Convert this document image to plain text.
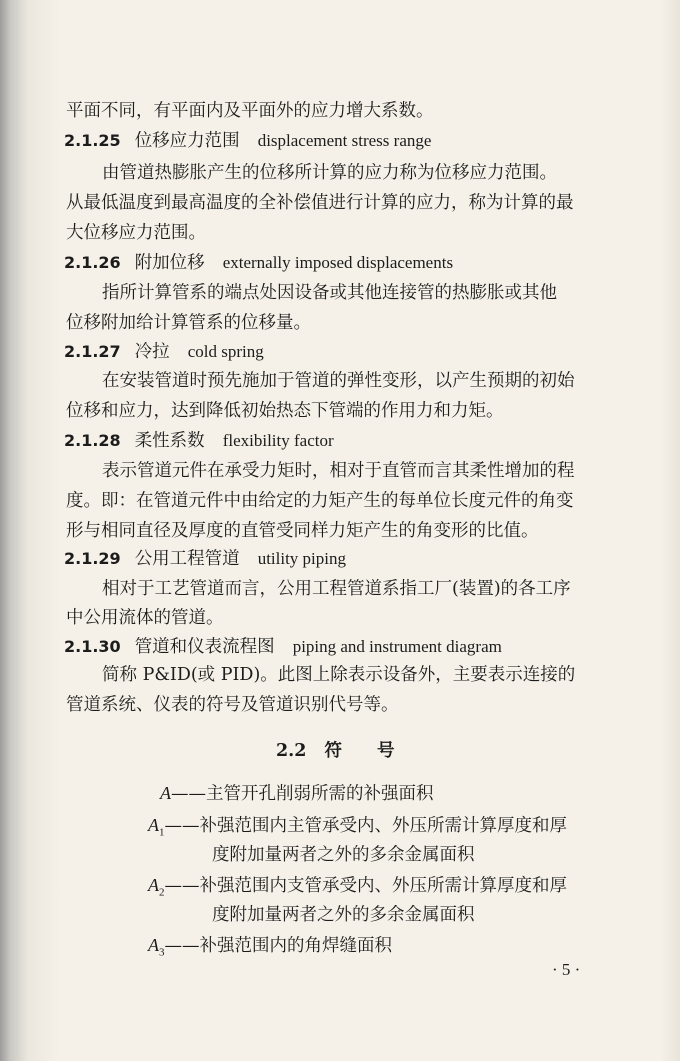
平面不同，有平面内及平面外的应力增大系数。
2.1.25 位移应力范围 displacement stress range
由管道热膨胀产生的位移所计算的应力称为位移应力范围。
从最低温度到最高温度的全补偿值进行计算的应力，称为计算的最
大位移应力范围。
2.1.26 附加位移 externally imposed displacements
指所计算管系的端点处因设备或其他连接管的热膨胀或其他
位移附加给计算管系的位移量。
2.1.27 冷拉 cold spring
在安装管道时预先施加于管道的弹性变形，以产生预期的初始
位移和应力，达到降低初始热态下管端的作用力和力矩。
2.1.28 柔性系数 flexibility factor
表示管道元件在承受力矩时，相对于直管而言其柔性增加的程
度。即：在管道元件中由给定的力矩产生的每单位长度元件的角变
形与相同直径及厚度的直管受同样力矩产生的角变形的比值。
2.1.29 公用工程管道 utility piping
相对于工艺管道而言，公用工程管道系指工厂(装置)的各工序
中公用流体的管道。
2.1.30 管道和仪表流程图 piping and instrument diagram
简称 P&ID(或 PID)。此图上除表示设备外，主要表示连接的
管道系统、仪表的符号及管道识别代号等。
2.2 符　　号
A——主管开孔削弱所需的补强面积
$A_1——$补强范围内主管承受内、外压所需计算厚度和厚
度附加量两者之外的多余金属面积
$A_2——$补强范围内支管承受内、外压所需计算厚度和厚
度附加量两者之外的多余金属面积
$A_3——$补强范围内的角焊缝面积
· 5 ·
